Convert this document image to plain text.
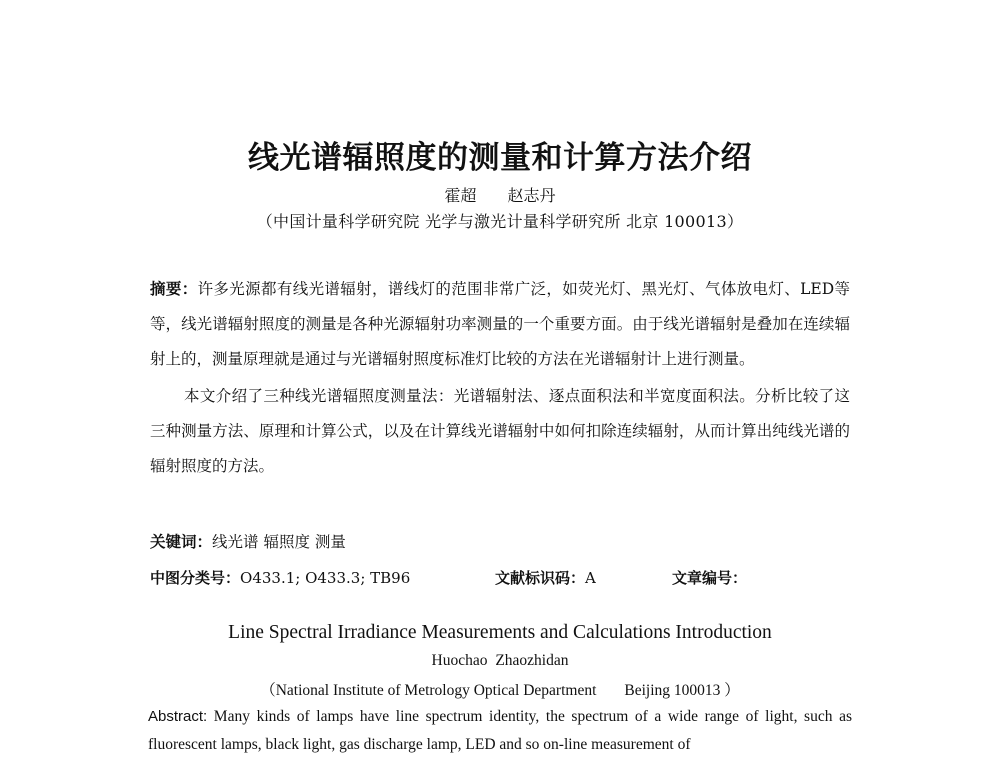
线光谱辐照度的测量和计算方法介绍
霍超 赵志丹
（中国计量科学研究院 光学与激光计量科学研究所 北京 100013）

摘要：许多光源都有线光谱辐射，谱线灯的范围非常广泛，如荧光灯、黑光灯、气体放电灯、LED等等，线光谱辐射照度的测量是各种光源辐射功率测量的一个重要方面。由于线光谱辐射是叠加在连续辐射上的，测量原理就是通过与光谱辐射照度标准灯比较的方法在光谱辐射计上进行测量。

本文介绍了三种线光谱辐照度测量法：光谱辐射法、逐点面积法和半宽度面积法。分析比较了这三种测量方法、原理和计算公式，以及在计算线光谱辐射中如何扣除连续辐射，从而计算出纯线光谱的辐射照度的方法。

关键词：线光谱 辐照度 测量
中图分类号：O433.1; O433.3; TB96	文献标识码：A	文章编号：
Line Spectral Irradiance Measurements and Calculations Introduction
Huochao Zhaozhidan
（National Institute of Metrology Optical Department Beijing 100013 ）
Abstract: Many kinds of lamps have line spectrum identity, the spectrum of a wide range of light, such as fluorescent lamps, black light, gas discharge lamp, LED and so on-line measurement of
